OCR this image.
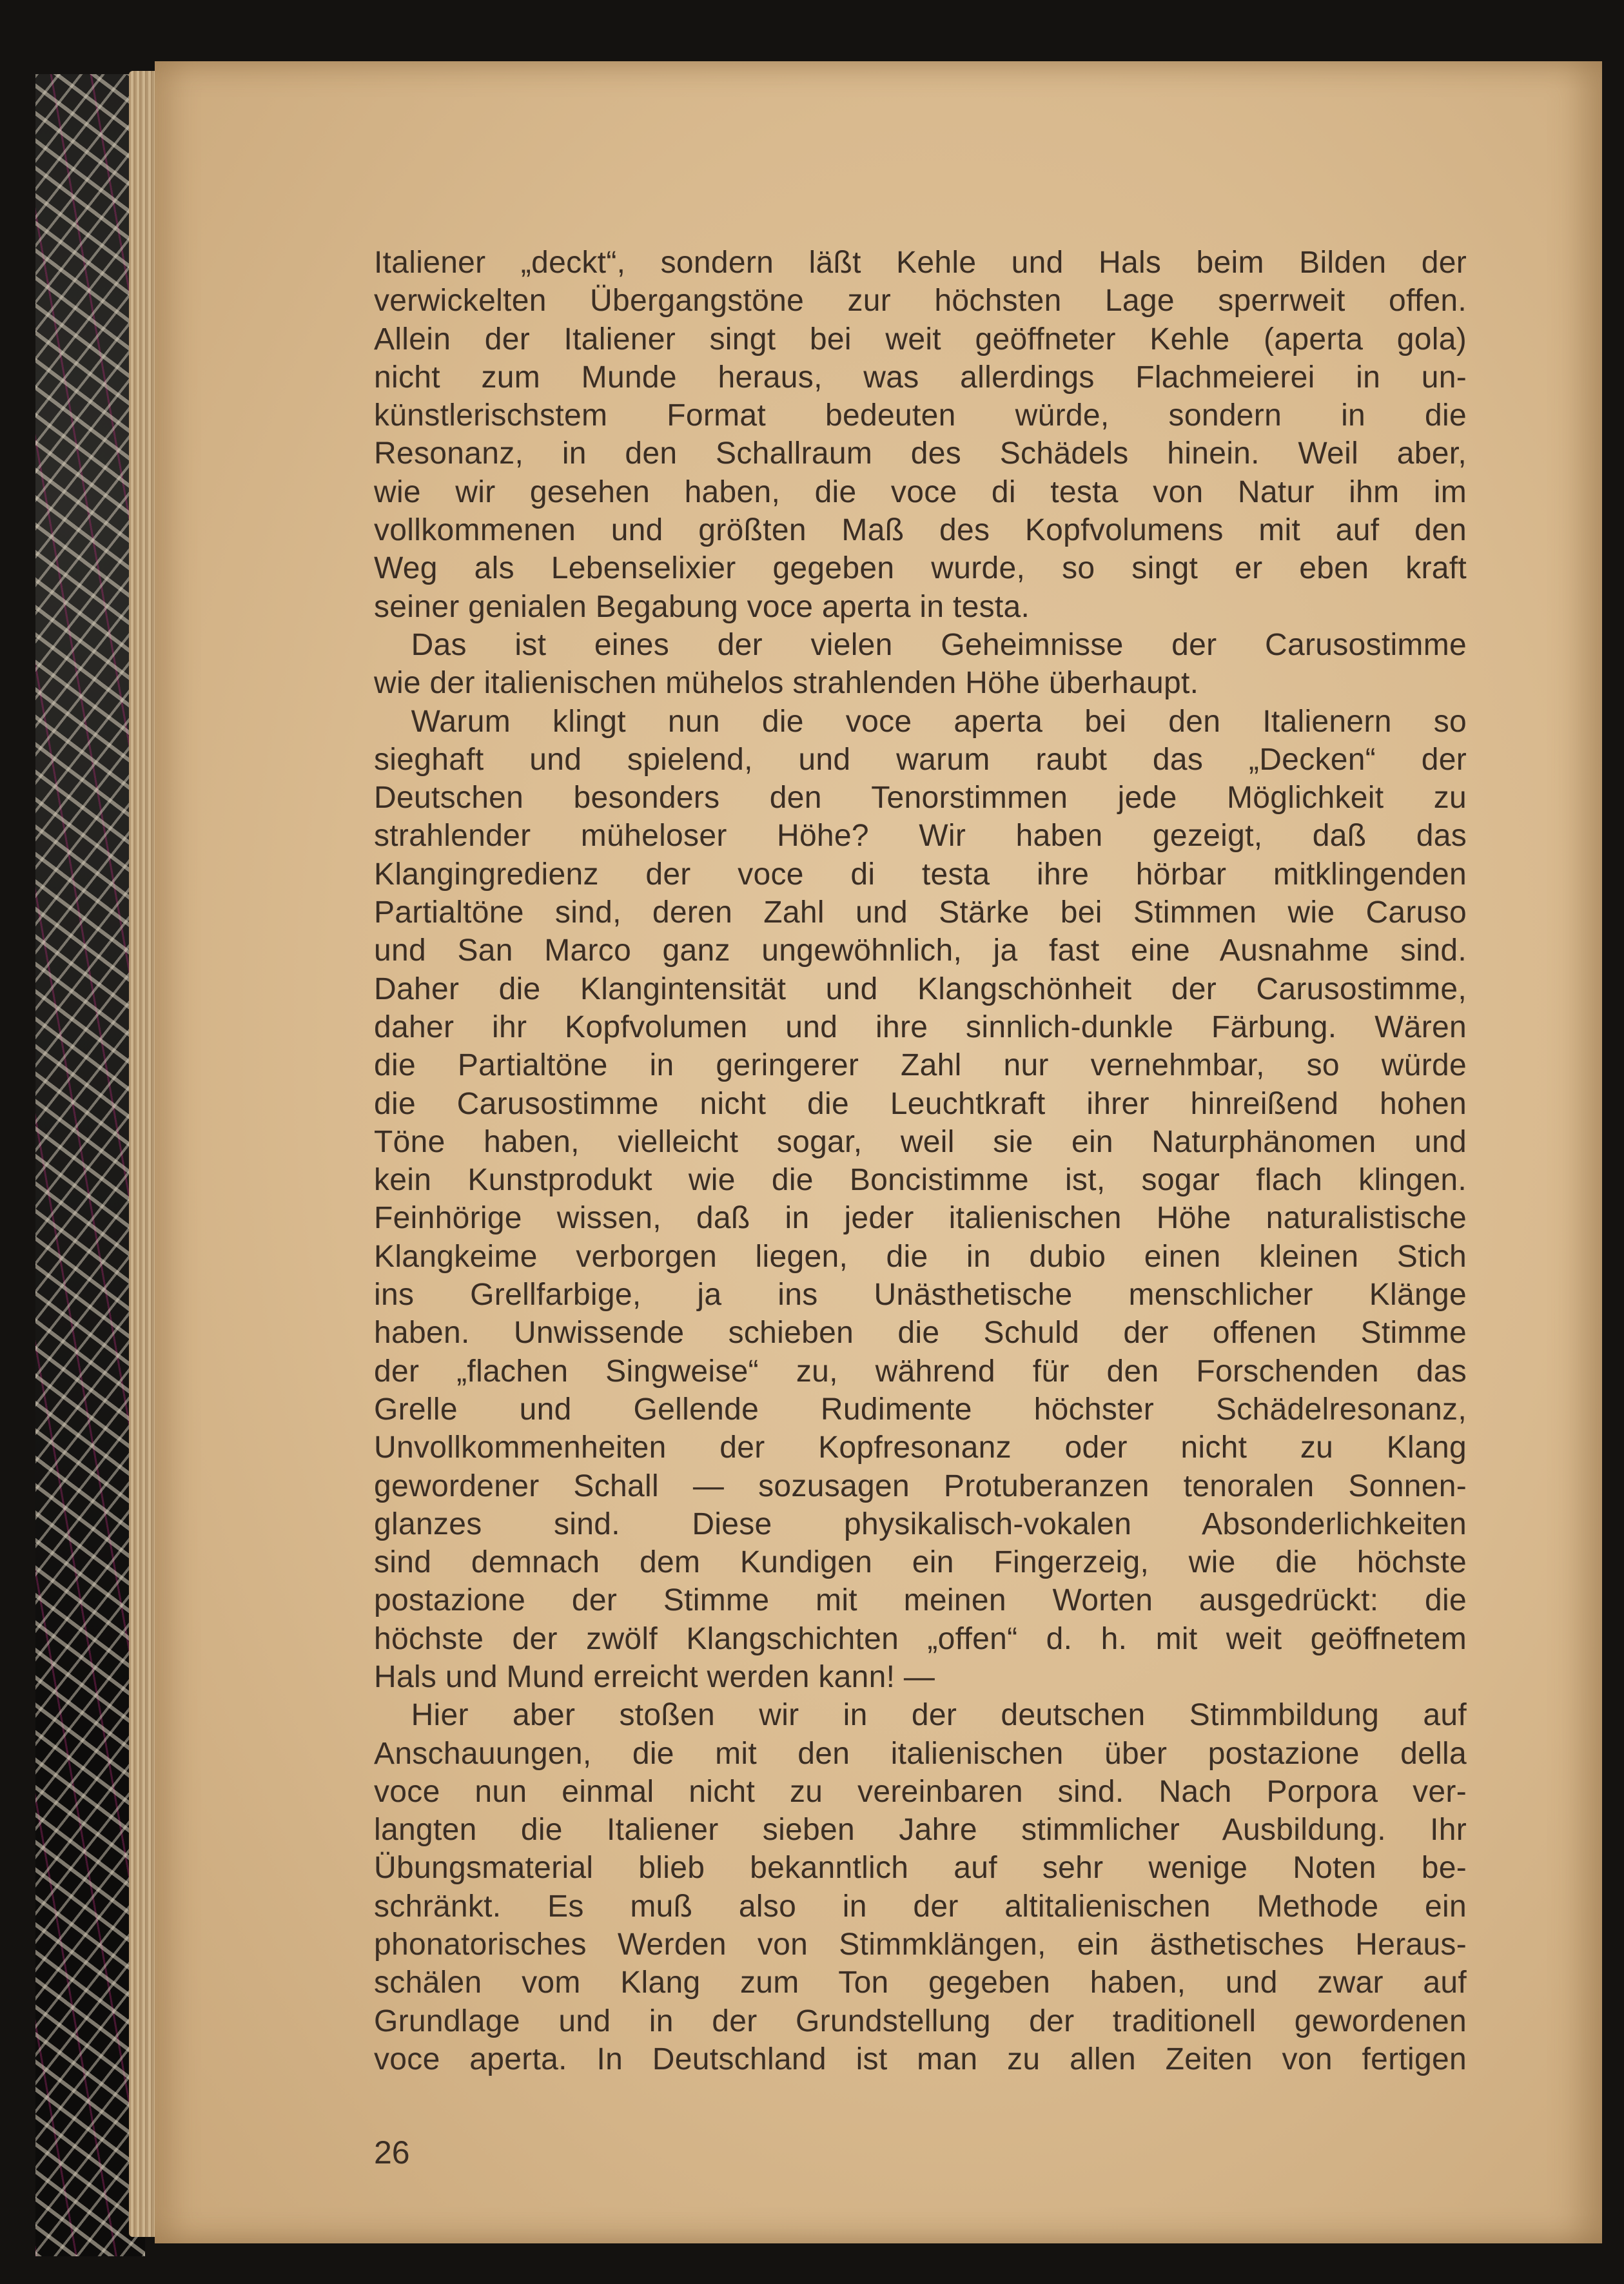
Italiener „deckt“, sondern läßt Kehle und Hals beim Bilden der
verwickelten Übergangstöne zur höchsten Lage sperrweit offen.
Allein der Italiener singt bei weit geöffneter Kehle (aperta gola)
nicht zum Munde heraus, was allerdings Flachmeierei in un-
künstlerischstem Format bedeuten würde, sondern in die
Resonanz, in den Schallraum des Schädels hinein. Weil aber,
wie wir gesehen haben, die voce di testa von Natur ihm im
vollkommenen und größten Maß des Kopfvolumens mit auf den
Weg als Lebenselixier gegeben wurde, so singt er eben kraft
seiner genialen Begabung voce aperta in testa.
Das ist eines der vielen Geheimnisse der Carusostimme
wie der italienischen mühelos strahlenden Höhe überhaupt.
Warum klingt nun die voce aperta bei den Italienern so
sieghaft und spielend, und warum raubt das „Decken“ der
Deutschen besonders den Tenorstimmen jede Möglichkeit zu
strahlender müheloser Höhe? Wir haben gezeigt, daß das
Klangingredienz der voce di testa ihre hörbar mitklingenden
Partialtöne sind, deren Zahl und Stärke bei Stimmen wie Caruso
und San Marco ganz ungewöhnlich, ja fast eine Ausnahme sind.
Daher die Klangintensität und Klangschönheit der Carusostimme,
daher ihr Kopfvolumen und ihre sinnlich-dunkle Färbung. Wären
die Partialtöne in geringerer Zahl nur vernehmbar, so würde
die Carusostimme nicht die Leuchtkraft ihrer hinreißend hohen
Töne haben, vielleicht sogar, weil sie ein Naturphänomen und
kein Kunstprodukt wie die Boncistimme ist, sogar flach klingen.
Feinhörige wissen, daß in jeder italienischen Höhe naturalistische
Klangkeime verborgen liegen, die in dubio einen kleinen Stich
ins Grellfarbige, ja ins Unästhetische menschlicher Klänge
haben. Unwissende schieben die Schuld der offenen Stimme
der „flachen Singweise“ zu, während für den Forschenden das
Grelle und Gellende Rudimente höchster Schädelresonanz,
Unvollkommenheiten der Kopfresonanz oder nicht zu Klang
gewordener Schall — sozusagen Protuberanzen tenoralen Sonnen-
glanzes sind. Diese physikalisch-vokalen Absonderlichkeiten
sind demnach dem Kundigen ein Fingerzeig, wie die höchste
postazione der Stimme mit meinen Worten ausgedrückt: die
höchste der zwölf Klangschichten „offen“ d. h. mit weit geöffnetem
Hals und Mund erreicht werden kann! —
Hier aber stoßen wir in der deutschen Stimmbildung auf
Anschauungen, die mit den italienischen über postazione della
voce nun einmal nicht zu vereinbaren sind. Nach Porpora ver-
langten die Italiener sieben Jahre stimmlicher Ausbildung. Ihr
Übungsmaterial blieb bekanntlich auf sehr wenige Noten be-
schränkt. Es muß also in der altitalienischen Methode ein
phonatorisches Werden von Stimmklängen, ein ästhetisches Heraus-
schälen vom Klang zum Ton gegeben haben, und zwar auf
Grundlage und in der Grundstellung der traditionell gewordenen
voce aperta. In Deutschland ist man zu allen Zeiten von fertigen
26
